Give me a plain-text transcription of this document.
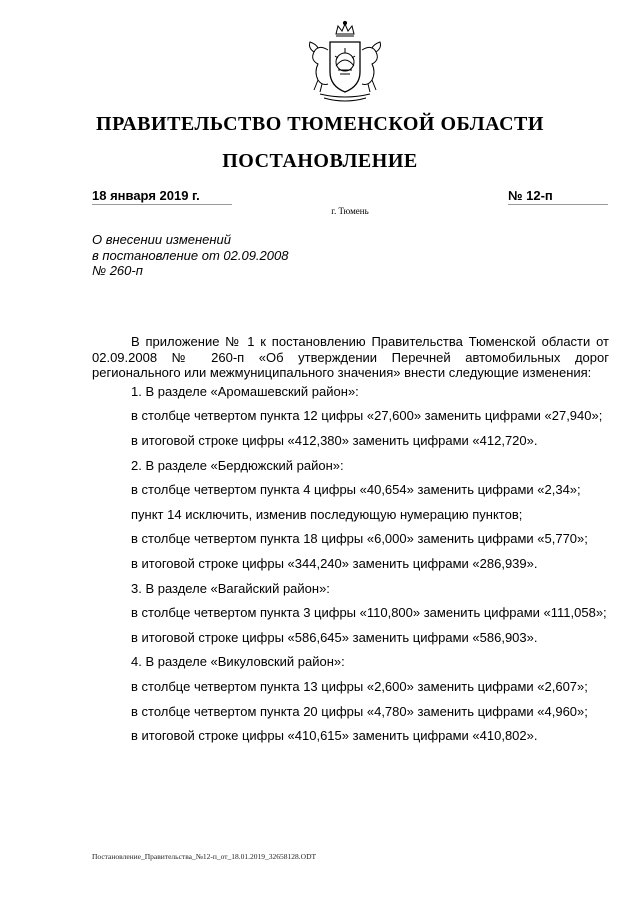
ПРАВИТЕЛЬСТВО ТЮМЕНСКОЙ ОБЛАСТИ
ПОСТАНОВЛЕНИЕ
18 января 2019 г.	№ 12-п
г. Тюмень
О внесении изменений
в постановление от 02.09.2008
№ 260-п

В приложение № 1 к постановлению Правительства Тюменской области от 02.09.2008 № 260-п «Об утверждении Перечней автомобильных дорог регионального или межмуниципального значения» внести следующие изменения:

1. В разделе «Аромашевский район»:

в столбце четвертом пункта 12 цифры «27,600» заменить цифрами «27,940»;

в итоговой строке цифры «412,380» заменить цифрами «412,720».

2. В разделе «Бердюжский район»:

в столбце четвертом пункта 4 цифры «40,654» заменить цифрами «2,34»;

пункт 14 исключить, изменив последующую нумерацию пунктов;

в столбце четвертом пункта 18 цифры «6,000» заменить цифрами «5,770»;

в итоговой строке цифры «344,240» заменить цифрами «286,939».

3. В разделе «Вагайский район»:

в столбце четвертом пункта 3 цифры «110,800» заменить цифрами «111,058»;

в итоговой строке цифры «586,645» заменить цифрами «586,903».

4. В разделе «Викуловский район»:

в столбце четвертом пункта 13 цифры «2,600» заменить цифрами «2,607»;

в столбце четвертом пункта 20 цифры «4,780» заменить цифрами «4,960»;

в итоговой строке цифры «410,615» заменить цифрами «410,802».

Постановление_Правительства_№12-п_от_18.01.2019_32658128.ODT
